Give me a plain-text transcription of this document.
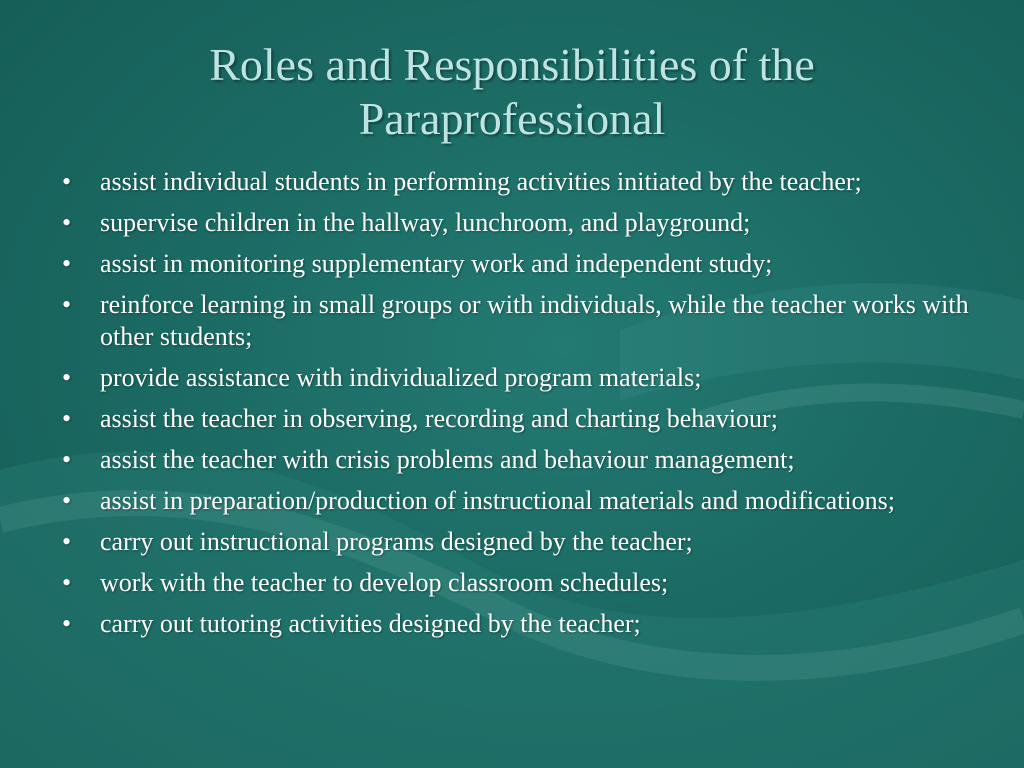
Roles and Responsibilities of the Paraprofessional
•	assist individual students in performing activities initiated by the teacher;
•	supervise children in the hallway, lunchroom, and playground;
•	assist in monitoring supplementary work and independent study;
•	reinforce learning in small groups or with individuals, while the teacher works with other students;
•	provide assistance with individualized program materials;
•	assist the teacher in observing, recording and charting behaviour;
•	assist the teacher with crisis problems and behaviour management;
•	assist in preparation/production of instructional materials and modifications;
•	carry out instructional programs designed by the teacher;
•	work with the teacher to develop classroom schedules;
•	carry out tutoring activities designed by the teacher;
